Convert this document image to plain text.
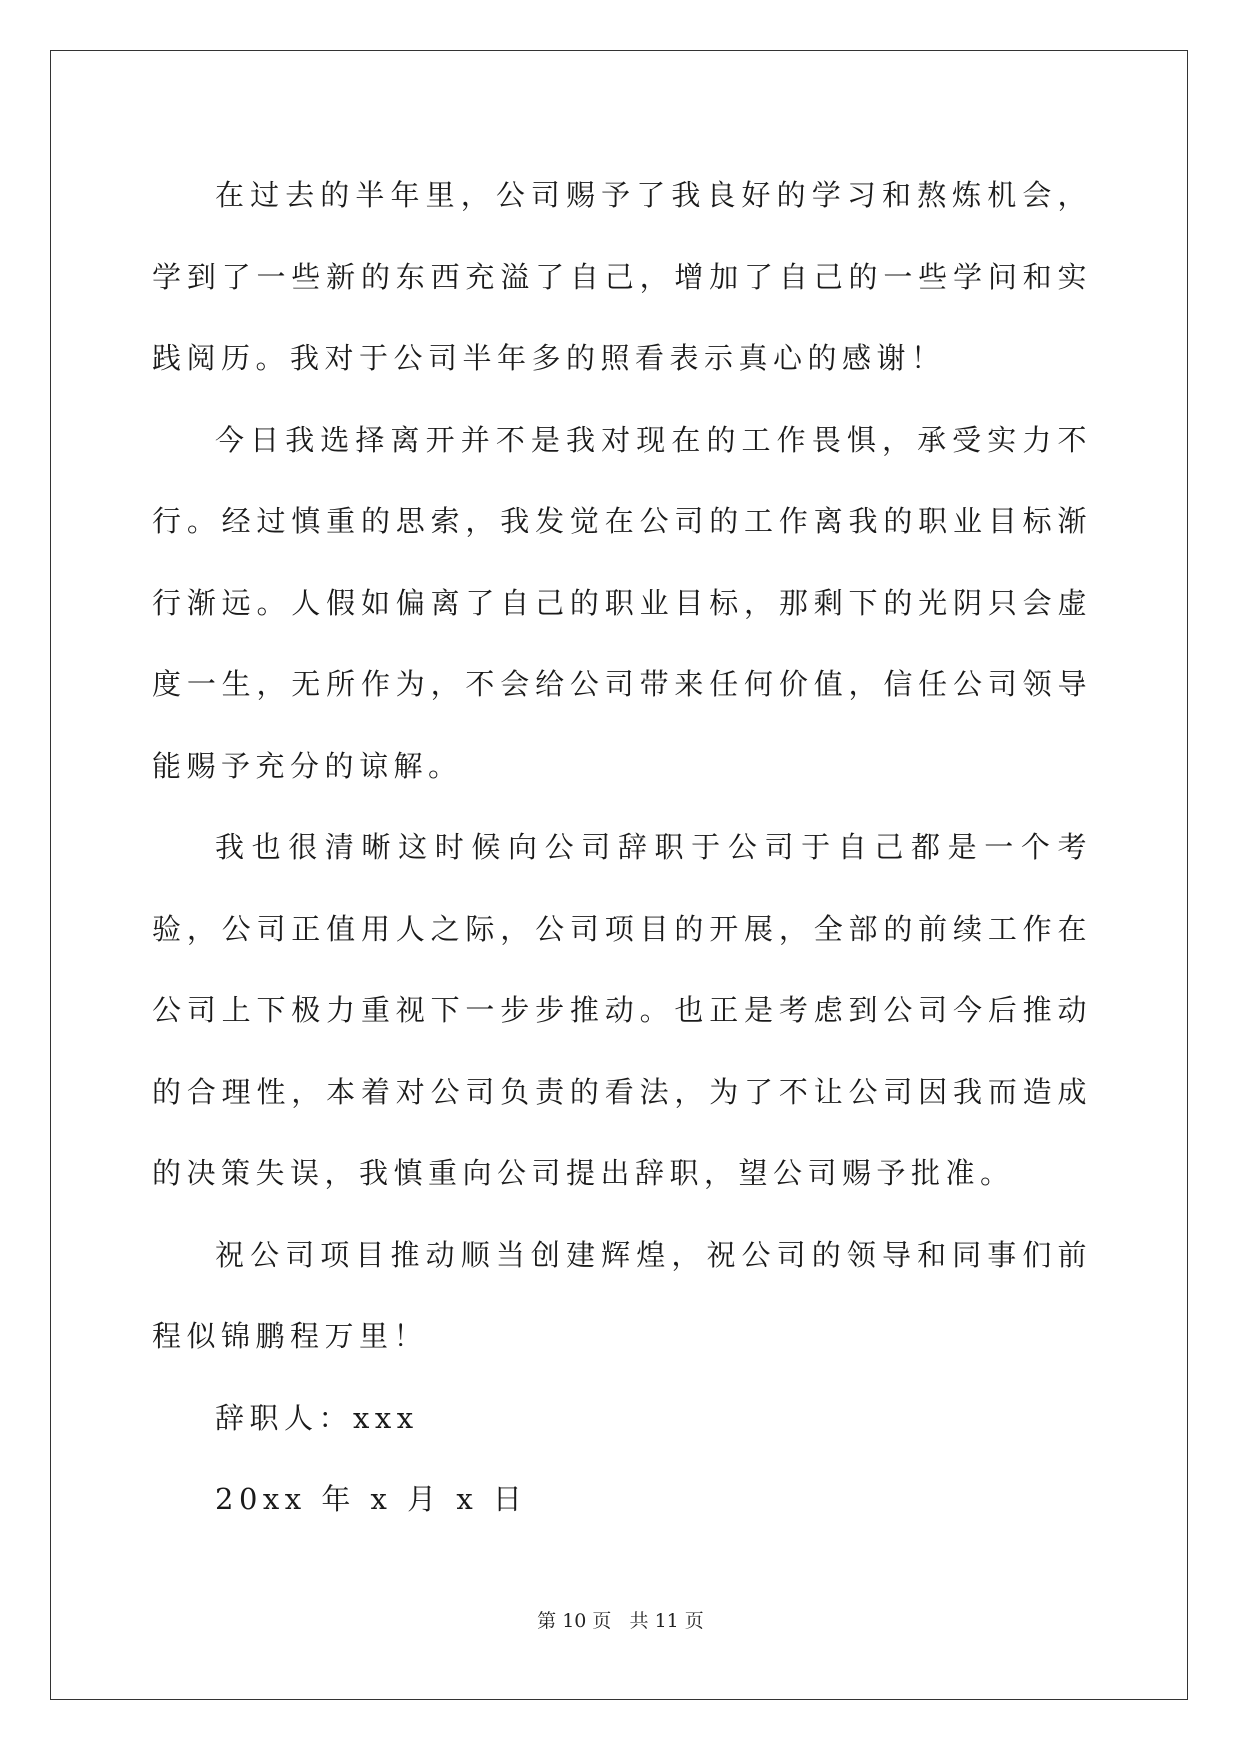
在过去的半年里，公司赐予了我良好的学习和熬炼机会，学到了一些新的东西充溢了自己，增加了自己的一些学问和实践阅历。我对于公司半年多的照看表示真心的感谢！

今日我选择离开并不是我对现在的工作畏惧，承受实力不行。经过慎重的思索，我发觉在公司的工作离我的职业目标渐行渐远。人假如偏离了自己的职业目标，那剩下的光阴只会虚度一生，无所作为，不会给公司带来任何价值，信任公司领导能赐予充分的谅解。

我也很清晰这时候向公司辞职于公司于自己都是一个考验，公司正值用人之际，公司项目的开展，全部的前续工作在公司上下极力重视下一步步推动。也正是考虑到公司今后推动的合理性，本着对公司负责的看法，为了不让公司因我而造成的决策失误，我慎重向公司提出辞职，望公司赐予批准。

祝公司项目推动顺当创建辉煌，祝公司的领导和同事们前程似锦鹏程万里！

辞职人：xxx

20xx 年 x 月 x 日

第 10 页   共 11 页
